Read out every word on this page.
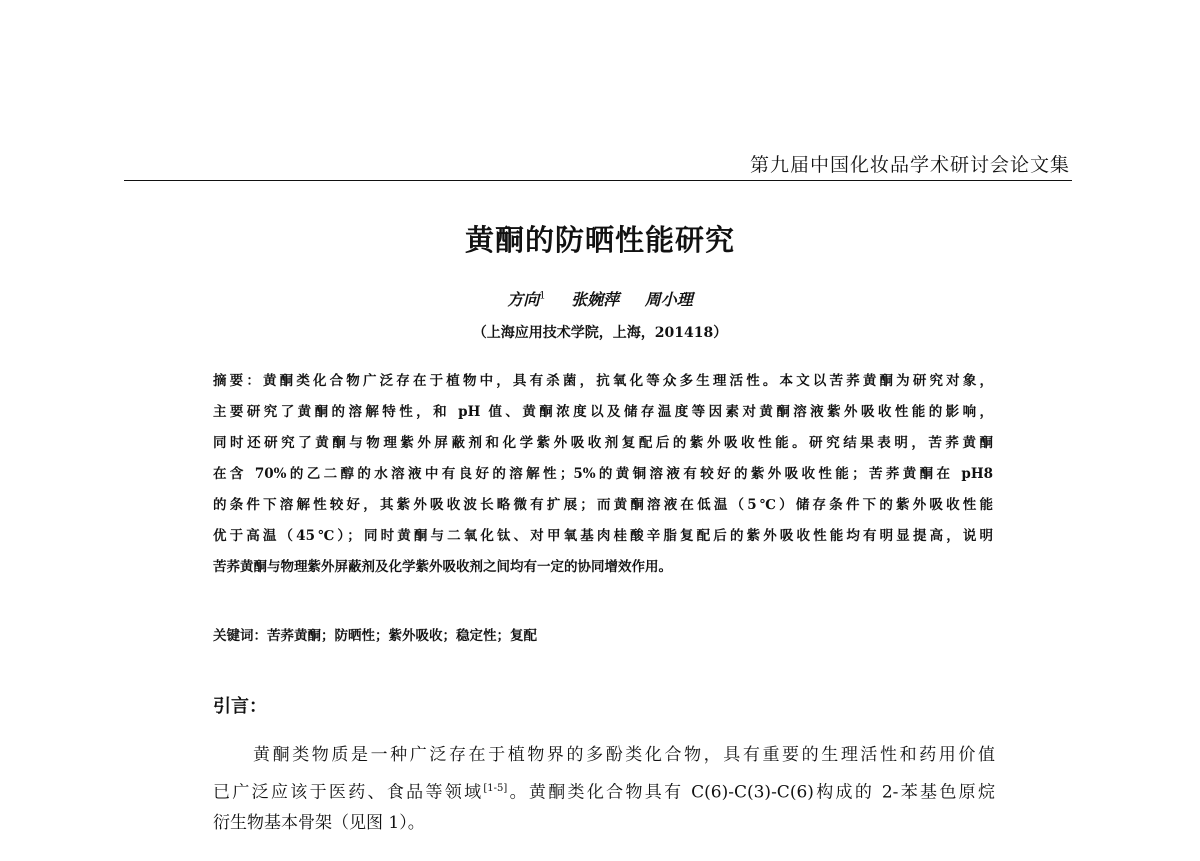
第九届中国化妆品学术研讨会论文集
黄酮的防晒性能研究
方向$^1$ 张婉萍 周小理
（上海应用技术学院，上海，201418）
摘要：黄酮类化合物广泛存在于植物中，具有杀菌，抗氧化等众多生理活性。本文以苦荞黄酮为研究对象，
主要研究了黄酮的溶解特性，和 pH 值、黄酮浓度以及储存温度等因素对黄酮溶液紫外吸收性能的影响，
同时还研究了黄酮与物理紫外屏蔽剂和化学紫外吸收剂复配后的紫外吸收性能。研究结果表明，苦荞黄酮
在含 70%的乙二醇的水溶液中有良好的溶解性；5%的黄铜溶液有较好的紫外吸收性能；苦荞黄酮在 pH8
的条件下溶解性较好，其紫外吸收波长略微有扩展；而黄酮溶液在低温（5℃）储存条件下的紫外吸收性能
优于高温（45℃）；同时黄酮与二氧化钛、对甲氧基肉桂酸辛脂复配后的紫外吸收性能均有明显提高，说明
苦荞黄酮与物理紫外屏蔽剂及化学紫外吸收剂之间均有一定的协同增效作用。
关键词：苦荞黄酮；防晒性；紫外吸收；稳定性；复配
引言：
黄酮类物质是一种广泛存在于植物界的多酚类化合物，具有重要的生理活性和药用价值
已广泛应该于医药、食品等领域[1-5]。黄酮类化合物具有 C(6)-C(3)-C(6)构成的 2-苯基色原烷
衍生物基本骨架（见图 1）。
